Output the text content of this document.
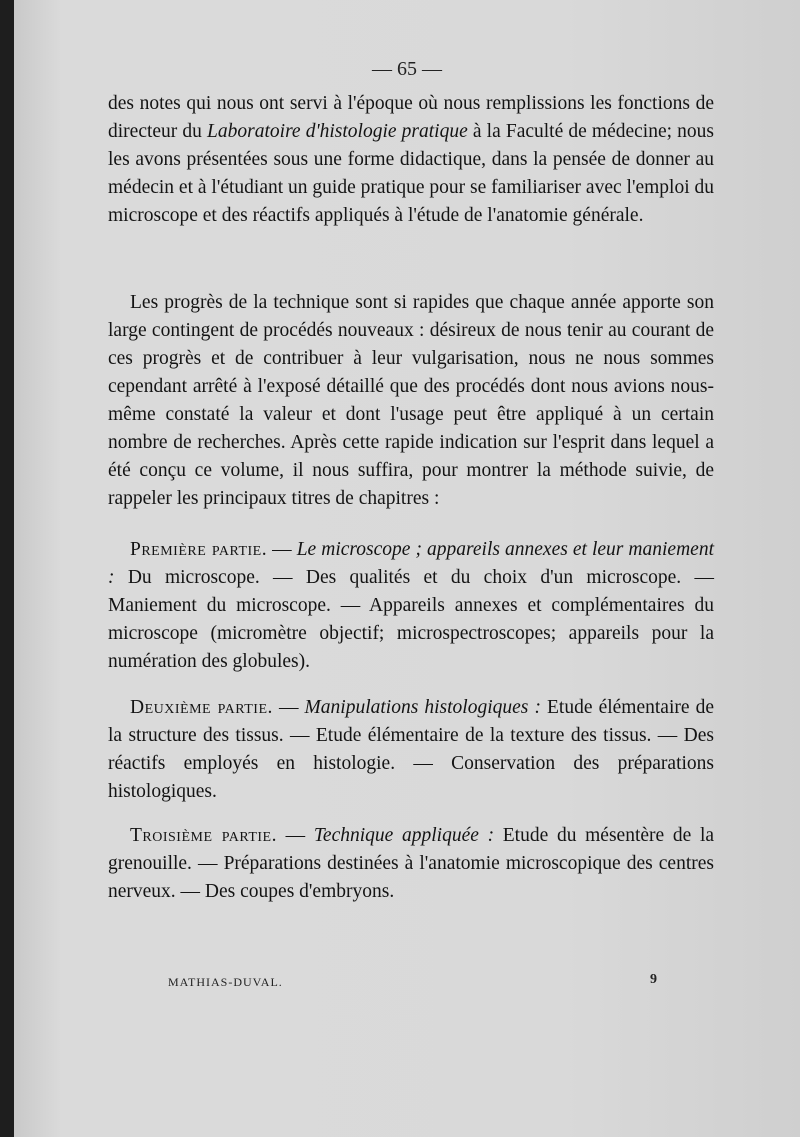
— 65 —

des notes qui nous ont servi à l'époque où nous remplissions les fonctions de directeur du Laboratoire d'histologie pratique à la Faculté de médecine; nous les avons présentées sous une forme didactique, dans la pensée de donner au médecin et à l'étudiant un guide pratique pour se familiariser avec l'emploi du microscope et des réactifs appliqués à l'étude de l'anatomie générale.

Les progrès de la technique sont si rapides que chaque année apporte son large contingent de procédés nouveaux : désireux de nous tenir au courant de ces progrès et de contribuer à leur vulgarisation, nous ne nous sommes cependant arrêté à l'exposé détaillé que des procédés dont nous avions nous-même constaté la valeur et dont l'usage peut être appliqué à un certain nombre de recherches. Après cette rapide indication sur l'esprit dans lequel a été conçu ce volume, il nous suffira, pour montrer la méthode suivie, de rappeler les principaux titres de chapitres :

Première partie. — Le microscope ; appareils annexes et leur maniement : Du microscope. — Des qualités et du choix d'un microscope. — Maniement du microscope. — Appareils annexes et complémentaires du microscope (micromètre objectif; microspectroscopes; appareils pour la numération des globules).

Deuxième partie. — Manipulations histologiques : Etude élémentaire de la structure des tissus. — Etude élémentaire de la texture des tissus. — Des réactifs employés en histologie. — Conservation des préparations histologiques.

Troisième partie. — Technique appliquée : Etude du mésentère de la grenouille. — Préparations destinées à l'anatomie microscopique des centres nerveux. — Des coupes d'embryons.

MATHIAS-DUVAL.	9
